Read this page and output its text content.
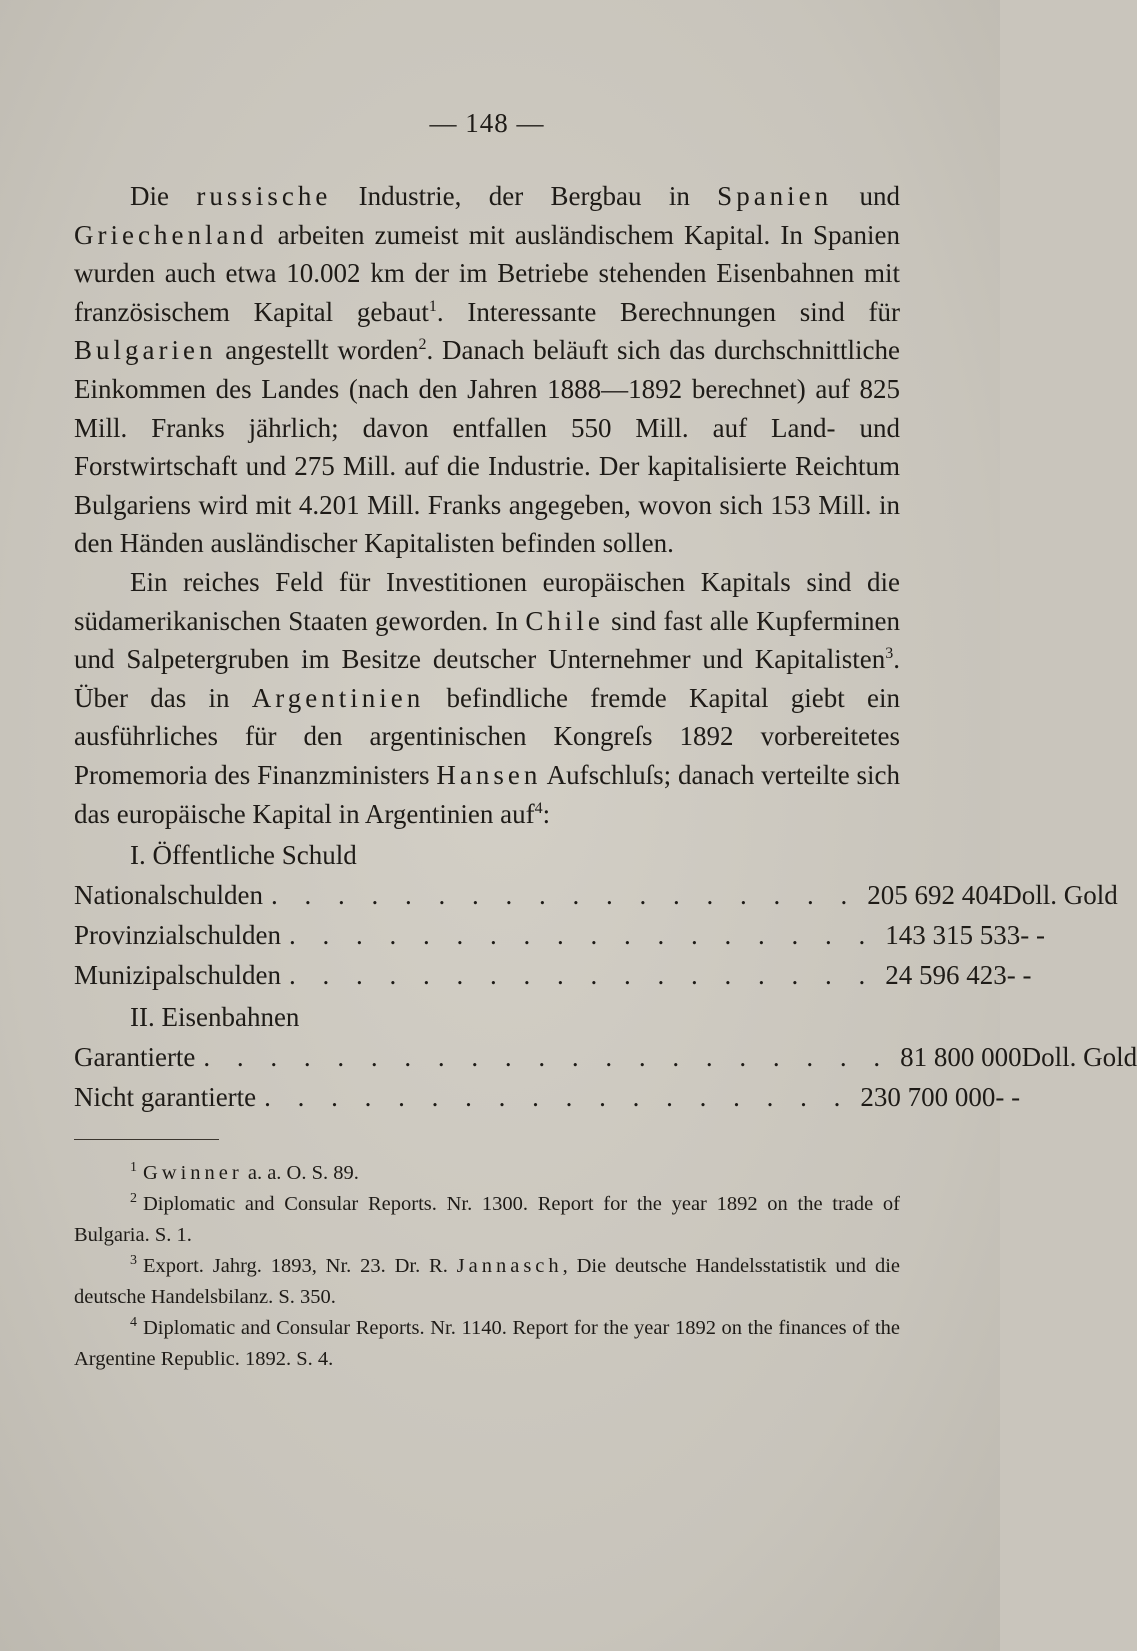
— 148 —

Die russische Industrie, der Bergbau in Spanien und Griechenland arbeiten zumeist mit ausländischem Kapital. In Spanien wurden auch etwa 10.002 km der im Betriebe stehenden Eisenbahnen mit französischem Kapital gebaut$^1$. Interessante Berechnungen sind für Bulgarien angestellt worden$^2$. Danach beläuft sich das durchschnittliche Einkommen des Landes (nach den Jahren 1888—1892 berechnet) auf 825 Mill. Franks jährlich; davon entfallen 550 Mill. auf Land- und Forstwirtschaft und 275 Mill. auf die Industrie. Der kapitalisierte Reichtum Bulgariens wird mit 4.201 Mill. Franks angegeben, wovon sich 153 Mill. in den Händen ausländischer Kapitalisten befinden sollen.

Ein reiches Feld für Investitionen europäischen Kapitals sind die südamerikanischen Staaten geworden. In Chile sind fast alle Kupferminen und Salpetergruben im Besitze deutscher Unternehmer und Kapitalisten$^3$. Über das in Argentinien befindliche fremde Kapital giebt ein ausführliches für den argentinischen Kongreſs 1892 vorbereitetes Promemoria des Finanzministers Hansen Aufschluſs; danach verteilte sich das europäische Kapital in Argentinien auf$^4$:

I. Öffentliche Schuld
Nationalschulden . . . . . . . . . . . . . . . . . . 205 692 404 Doll. Gold
Provinzialschulden . . . . . . . . . . . . . . . . . . 143 315 533 - -
Munizipalschulden . . . . . . . . . . . . . . . . . . 24 596 423 - -
II. Eisenbahnen
Garantierte . . . . . . . . . . . . . . . . . . . . . 81 800 000 Doll. Gold
Nicht garantierte . . . . . . . . . . . . . . . . . . 230 700 000 - -

$^1$ Gwinner a. a. O. S. 89.

$^2$ Diplomatic and Consular Reports. Nr. 1300. Report for the year 1892 on the trade of Bulgaria. S. 1.

$^3$ Export. Jahrg. 1893, Nr. 23. Dr. R. Jannasch, Die deutsche Handelsstatistik und die deutsche Handelsbilanz. S. 350.

$^4$ Diplomatic and Consular Reports. Nr. 1140. Report for the year 1892 on the finances of the Argentine Republic. 1892. S. 4.
